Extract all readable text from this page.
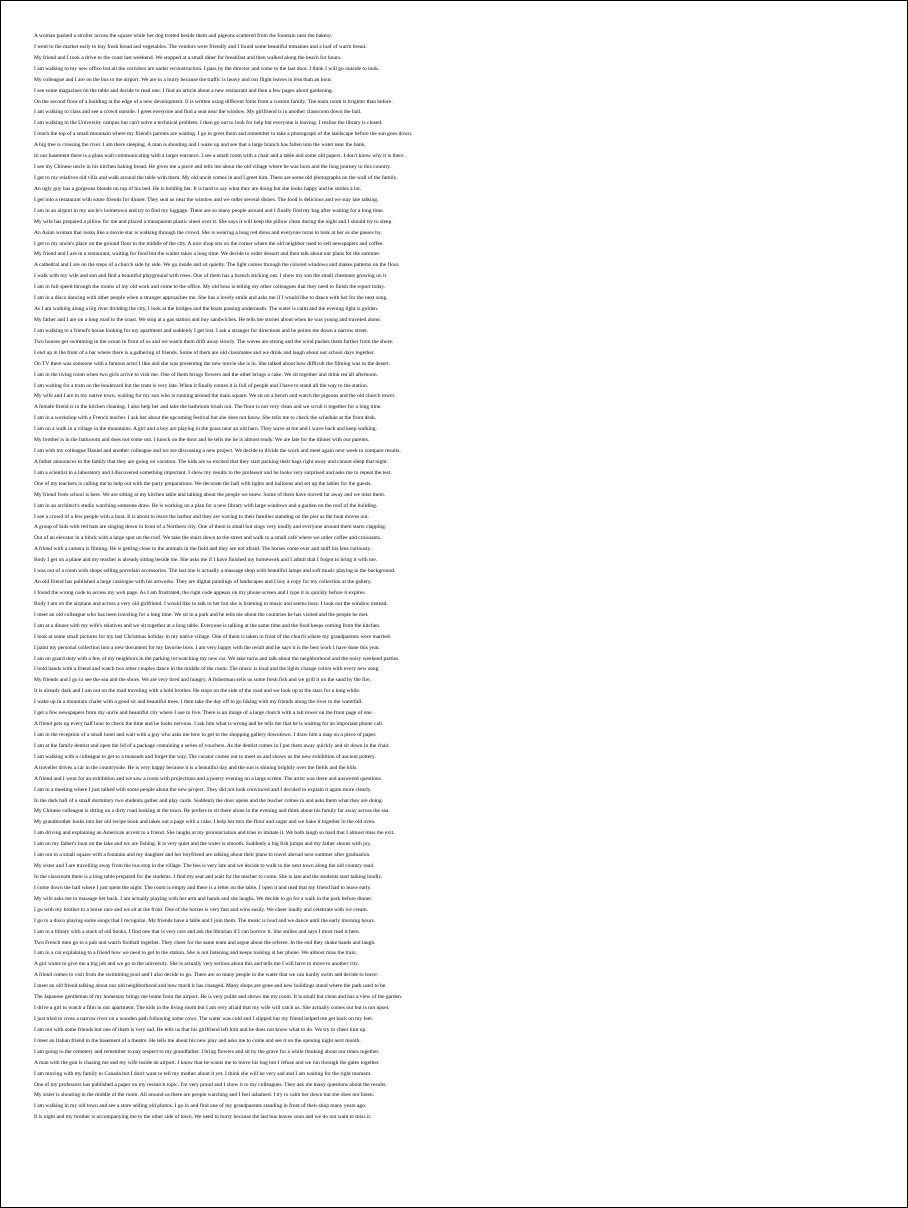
A woman pushed a stroller across the square while her dog trotted beside them and pigeons scattered from the fountain near the bakery.
I went to the market early to buy fresh bread and vegetables. The vendors were friendly and I found some beautiful tomatoes and a loaf of warm bread.
My friend and I took a drive to the coast last weekend. We stopped at a small diner for breakfast and then walked along the beach for hours.
I am walking to my new office but all the corridors are under reconstruction. I pass by the director and come to the last door. I think I will go outside to look.
My colleague and I are on the bus to the airport. We are in a hurry because the traffic is heavy and our flight leaves in less than an hour.
I see some magazines on the table and decide to read one. I find an article about a new restaurant and then a few pages about gardening.
On the second floor of a building at the edge of a new development. It is written using different fonts from a custom family. The main room is brighter than before.
I am walking to class and see a crowd outside. I greet everyone and find a seat near the window. My girlfriend is in another classroom down the hall.
I am walking to the University campus but can't solve a technical problem. I then go out to look for help but everyone is leaving. I realize the library is closed.
I reach the top of a small mountain where my friend's parents are waiting. I go to greet them and remember to take a photograph of the landscape before the sun goes down.
A big tree is crossing the river. I am there sleeping. A man is shouting and I wake up and see that a large branch has fallen into the water near the bank.
In our basement there is a glass wall communicating with a larger entrance. I see a small room with a chair and a table and some old papers. I don't know why it is there.
I see my Chinese uncle in his kitchen baking bread. He gives me a piece and tells me about the old village where he was born and the long journey to this country.
I get to my relatives old villa and walk around the table with them. My old uncle comes in and I greet him. There are some old photographs on the wall of the family.
An ugly guy has a gorgeous blonde on top of his bed. He is holding her. It is hard to say what they are doing but she looks happy and he smiles a lot.
I get into a restaurant with some friends for dinner. They seat us near the window and we order several dishes. The food is delicious and we stay late talking.
I am in an airport in my uncle's hometown and try to find my luggage. There are so many people around and I finally find my bag after waiting for a long time.
My wife has prepared a pillow for me and placed a transparent plastic sheet over it. She says it will keep the pillow clean during the night and I should try to sleep.
An Asian woman that looks like a movie star is walking through the crowd. She is wearing a long red dress and everyone turns to look at her as she passes by.
I get to my uncle's place on the ground floor in the middle of the city. A nice shop sits on the corner where the old neighbor used to sell newspapers and coffee.
My friend and I are in a restaurant, waiting for food but the waiter takes a long time. We decide to order dessert and then talk about our plans for the summer.
A cathedral and I are on the steps of a church side by side. We go inside and sit quietly. The light comes through the colored windows and makes patterns on the floor.
I walk with my wife and son and find a beautiful playground with trees. One of them has a branch sticking out. I show my son the small chestnuts growing on it.
I am in full speed through the rooms of my old work and come to the office. My old boss is telling my other colleagues that they need to finish the report today.
I am in a disco dancing with other people when a stranger approaches me. She has a lovely smile and asks me if I would like to dance with her for the next song.
As I am walking along a big river dividing the city, I look at the bridges and the boats passing underneath. The water is calm and the evening light is golden.
My father and I are on a long road to the coast. We stop at a gas station and buy sandwiches. He tells me stories about when he was young and traveled alone.
I am walking to a friend's house looking for my apartment and suddenly I get lost. I ask a stranger for directions and he points me down a narrow street.
Two houses get swimming in the ocean in front of us and we watch them drift away slowly. The waves are strong and the wind pushes them further from the shore.
I end up in the front of a bar where there is a gathering of friends. Some of them are old classmates and we drink and laugh about our school days together.
On TV there was someone with a famous actor I like and she was presenting the new movie she is in. She talked about how difficult the filming was in the desert.
I am in the living room when two girls arrive to visit me. One of them brings flowers and the other brings a cake. We sit together and drink tea all afternoon.
I am waiting for a tram on the boulevard but the tram is very late. When it finally comes it is full of people and I have to stand all the way to the station.
My wife and I are in my native town, waiting for my son who is running around the main square. We sit on a bench and watch the pigeons and the old church tower.
A female friend is in the kitchen cleaning. I also help her and take the bathroom brush out. The floor is not very clean and we scrub it together for a long time.
I am in a workshop with a French teacher. I ask her about the upcoming festival but she does not know. She tells me to check the schedule at the front desk.
I am on a walk in a village in the mountains. A girl and a boy are playing in the grass near an old barn. They wave at me and I wave back and keep walking.
My brother is in the bathroom and does not come out. I knock on the door and he tells me he is almost ready. We are late for the dinner with our parents.
I am with my colleague Daniel and another colleague and we are discussing a new project. We decide to divide the work and meet again next week to compare results.
A father announces to the family that they are going on vacation. The kids are so excited that they start packing their bags right away and cannot sleep that night.
I am a scientist in a laboratory and I discovered something important. I show my results to the professor and he looks very surprised and asks me to repeat the test.
One of my teachers is calling me to help out with the party preparations. We decorate the hall with lights and balloons and set up the tables for the guests.
My friend from school is here. We are sitting at my kitchen table and talking about the people we knew. Some of them have moved far away and we miss them.
I am in an architect's studio watching someone draw. He is working on a plan for a new library with large windows and a garden on the roof of the building.
I see a crowd of a few people with a boat. It is about to leave the harbor and they are waving to their families standing on the pier as the boat moves out.
A group of kids with red hats are singing down in front of a Northern city. One of them is small but sings very loudly and everyone around them starts clapping.
Out of an elevator in a block with a large spot on the roof. We take the stairs down to the street and walk to a small café where we order coffee and croissants.
A friend with a camera is filming. He is getting close to the animals in the field and they are not afraid. The horses come over and sniff his lens curiously.
Body I get on a plane and my teacher is already sitting beside me. She asks me if I have finished my homework and I admit that I forgot to bring it with me.
I was out of a room with shops selling porcelain accessories. The last one is actually a massage shop with beautiful lamps and soft music playing in the background.
An old friend has published a large catalogue with his artworks. They are digital paintings of landscapes and I buy a copy for my collection at the gallery.
I found the wrong code to access my web page. As I am frustrated, the right code appears on my phone screen and I type it in quickly before it expires.
Body I am on the airplane and across a very old girlfriend. I would like to talk to her but she is listening to music and seems busy. I look out the window instead.
I meet an old colleague who has been traveling for a long time. We sit in a park and he tells me about the countries he has visited and the people he met.
I am at a dinner with my wife's relatives and we sit together at a long table. Everyone is talking at the same time and the food keeps coming from the kitchen.
I look at some small pictures for my last Christmas holiday in my native village. One of them is taken in front of the church where my grandparents were married.
I paint my personal collection into a new document for my favorite boss. I am very happy with the result and he says it is the best work I have done this year.
I am on guard duty with a few of my neighbors in the parking lot watching my new car. We take turns and talk about the neighborhood and the noisy weekend parties.
I hold hands with a friend and watch two other couples dance in the middle of the room. The music is loud and the lights change colors with every new song.
My friends and I go to see the sea and the shore. We are very tired and hungry. A fisherman sells us some fresh fish and we grill it on the sand by the fire.
It is already dark and I am out on the road traveling with a bold brother. He stops on the side of the road and we look up at the stars for a long while.
I wake up in a mountain chalet with a good sir and beautiful trees. I then take the day off to go hiking with my friends along the river to the waterfall.
I get a few newspapers from my uncle and beautiful city where I use to live. There is an image of a large church with a tall tower on the front page of one.
A friend gets up every half hour to check the time and he looks nervous. I ask him what is wrong and he tells me that he is waiting for an important phone call.
I am in the reception of a small hotel and wait with a guy who asks me how to get to the shopping gallery downtown. I draw him a map on a piece of paper.
I am at the family dentist and open the lid of a package containing a series of vouchers. As the dentist comes in I put them away quickly and sit down in the chair.
I am walking with a colleague to get to a museum and forget the way. The curator comes out to meet us and shows us the new exhibition of ancient pottery.
A traveller drives a car in the countryside. He is very happy because it is a beautiful day and the sun is shining brightly over the fields and the hills.
A friend and I went for an exhibition and we saw a room with projections and a poetry evening on a large screen. The artist was there and answered questions.
I am in a meeting where I just talked with some people about the new project. They did not look convinced and I decided to explain it again more clearly.
In the dark hall of a small dormitory two students gather and play cards. Suddenly the door opens and the teacher comes in and asks them what they are doing.
My Chinese colleague is sitting on a dirty road looking at the town. He prefers to sit there alone in the evening and think about his family far away across the sea.
My grandmother looks into her old recipe book and takes out a page with a cake. I help her mix the flour and sugar and we bake it together in the old oven.
I am driving and explaining an American accent to a friend. She laughs at my pronunciation and tries to imitate it. We both laugh so hard that I almost miss the exit.
I am on my father's boat on the lake and we are fishing. It is very quiet and the water is smooth. Suddenly a big fish jumps and my father shouts with joy.
I am out in a small square with a fountain and my daughter and her boyfriend are talking about their plans to travel abroad next summer after graduation.
My sister and I are travelling away from the bus stop in the village. The bus is very late and we decide to walk to the next town along the old country road.
In the classroom there is a long table prepared for the students. I find my seat and wait for the teacher to come. She is late and the students start talking loudly.
I come down the hall where I just spent the night. The room is empty and there is a letter on the table. I open it and read that my friend had to leave early.
My wife asks me to massage her back. I am actually playing with her arm and hands and she laughs. We decide to go for a walk in the park before dinner.
I go with my brother to a horse race and we sit at the front. One of the horses is very fast and wins easily. We cheer loudly and celebrate with ice cream.
I go to a disco playing some songs that I recognize. My friends have a table and I join them. The music is loud and we dance until the early morning hours.
I am in a library with a stack of old books. I find one that is very rare and ask the librarian if I can borrow it. She smiles and says I must read it here.
Two French men go to a pub and watch football together. They cheer for the same team and argue about the referee. In the end they shake hands and laugh.
I am in a car explaining to a friend how we need to get to the station. She is not listening and keeps looking at her phone. We almost miss the train.
A girl wants to give me a big job and we go to the university. She is actually very serious about this and tells me I will have to move to another city.
A friend comes to visit from the swimming pool and I also decide to go. There are so many people in the water that we can hardly swim and decide to leave.
I meet an old friend talking about our old neighborhood and how much it has changed. Many shops are gone and new buildings stand where the park used to be.
The Japanese gentleman of my homestay brings me home from the airport. He is very polite and shows me my room. It is small but clean and has a view of the garden.
I drive a girl to watch a film in our apartment. The kids in the living room but I am very afraid that my wife will catch us. She actually comes out but is not upset.
I just tried to cross a narrow river on a wooden path following some cows. The water was cold and I slipped but my friend helped me get back on my feet.
I am out with some friends but one of them is very sad. He tells us that his girlfriend left him and he does not know what to do. We try to cheer him up.
I meet an Italian friend in the basement of a theatre. He tells me about his new play and asks me to come and see it on the opening night next month.
I am going to the cemetery and remember to pay respect to my grandfather. I bring flowers and sit by the grave for a while thinking about our times together.
A man with the gun is chasing me and my wife inside an airport. I know that he wants me to move his bag but I refuse and we run through the gates together.
I am moving with my family to Canada but I don't want to tell my mother about it yet. I think she will be very sad and I am waiting for the right moment.
One of my professors has published a paper on my research topic. I'm very proud and I show it to my colleagues. They ask me many questions about the results.
My sister is shouting in the middle of the room. All around us there are people watching and I feel ashamed. I try to calm her down but she does not listen.
I am walking in my old town and see a store selling old photos. I go in and find one of my grandparents standing in front of their shop many years ago.
It is night and my brother is accompanying me to the other side of town. We need to hurry because the last bus leaves soon and we do not want to miss it.
